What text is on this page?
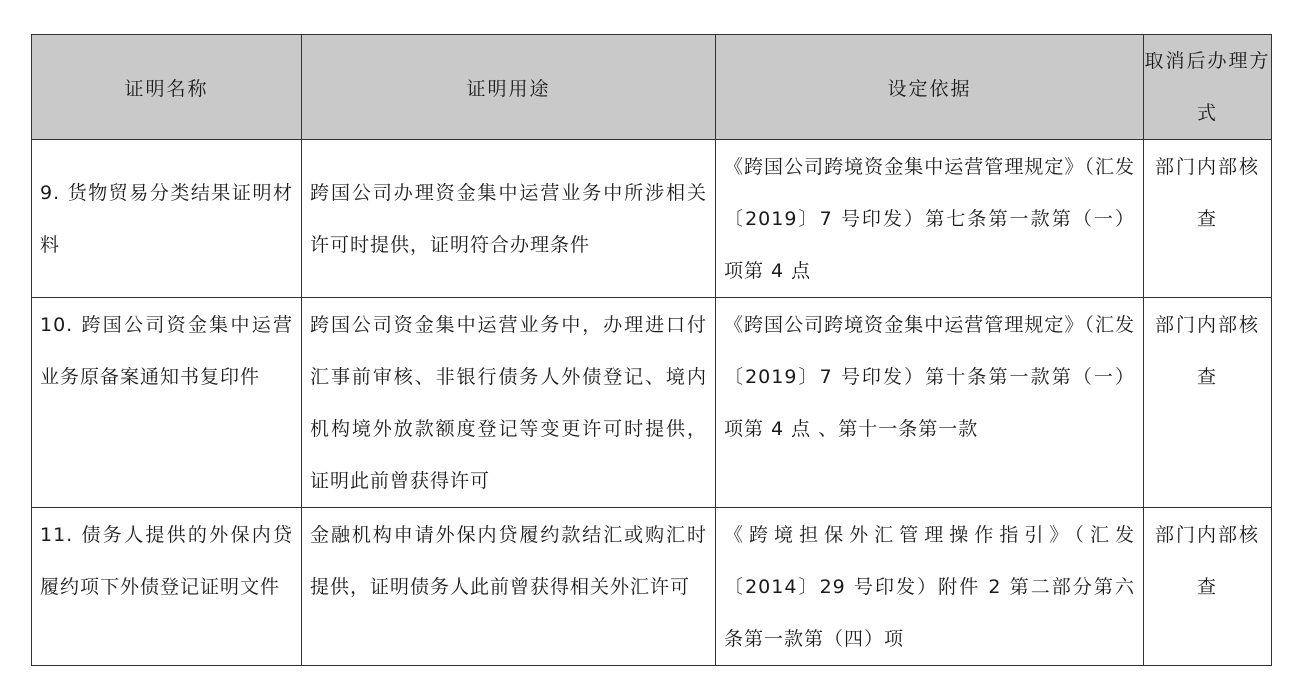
证明名称	证明用途	设定依据	取消后办理方式

9. 货物贸易分类结果证明材料	跨国公司办理资金集中运营业务中所涉相关许可时提供，证明符合办理条件	《跨国公司跨境资金集中运营管理规定》（汇发〔2019〕7 号印发）第七条第一款第（一）项第 4 点	部门内部核查

10. 跨国公司资金集中运营业务原备案通知书复印件	跨国公司资金集中运营业务中，办理进口付汇事前审核、非银行债务人外债登记、境内机构境外放款额度登记等变更许可时提供，证明此前曾获得许可	《跨国公司跨境资金集中运营管理规定》（汇发〔2019〕7 号印发）第十条第一款第（一）项第 4 点 、第十一条第一款	部门内部核查

11. 债务人提供的外保内贷履约项下外债登记证明文件	金融机构申请外保内贷履约款结汇或购汇时提供，证明债务人此前曾获得相关外汇许可	《跨境担保外汇管理操作指引》（汇发〔2014〕29 号印发）附件 2 第二部分第六条第一款第（四）项	部门内部核查
